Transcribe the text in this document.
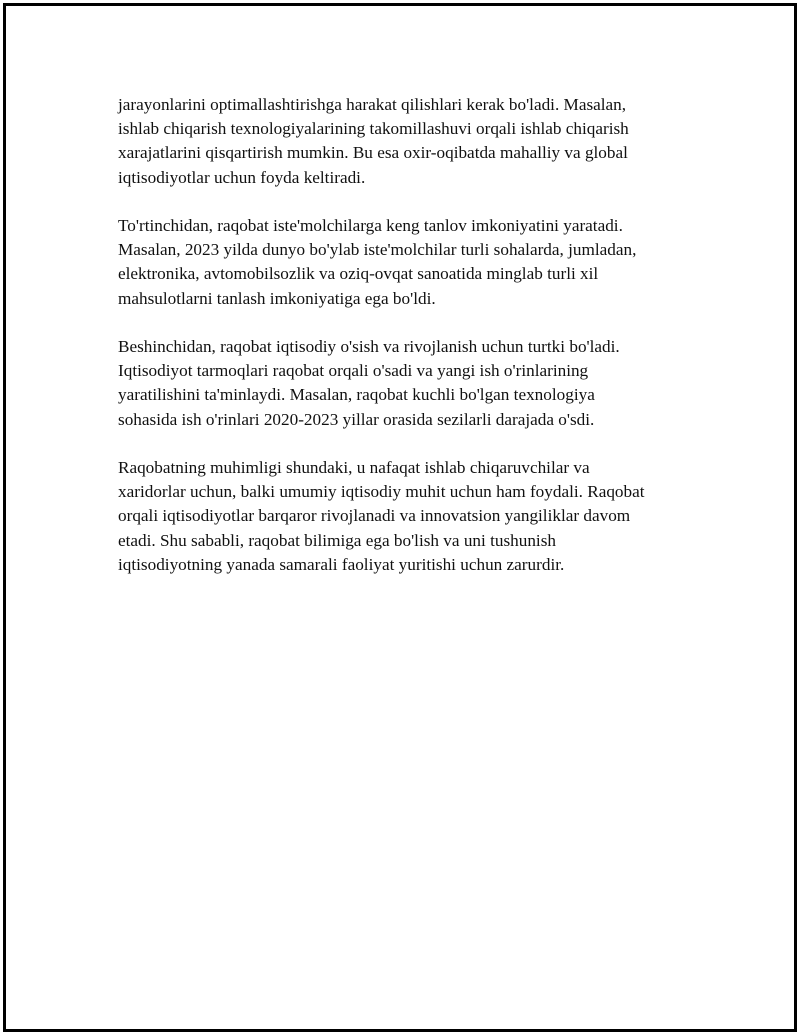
jarayonlarini optimallashtirishga harakat qilishlari kerak bo'ladi. Masalan,
ishlab chiqarish texnologiyalarining takomillashuvi orqali ishlab chiqarish
xarajatlarini qisqartirish mumkin. Bu esa oxir-oqibatda mahalliy va global
iqtisodiyotlar uchun foyda keltiradi.

To'rtinchidan, raqobat iste'molchilarga keng tanlov imkoniyatini yaratadi.
Masalan, 2023 yilda dunyo bo'ylab iste'molchilar turli sohalarda, jumladan,
elektronika, avtomobilsozlik va oziq-ovqat sanoatida minglab turli xil
mahsulotlarni tanlash imkoniyatiga ega bo'ldi.

Beshinchidan, raqobat iqtisodiy o'sish va rivojlanish uchun turtki bo'ladi.
Iqtisodiyot tarmoqlari raqobat orqali o'sadi va yangi ish o'rinlarining
yaratilishini ta'minlaydi. Masalan, raqobat kuchli bo'lgan texnologiya
sohasida ish o'rinlari 2020-2023 yillar orasida sezilarli darajada o'sdi.

Raqobatning muhimligi shundaki, u nafaqat ishlab chiqaruvchilar va
xaridorlar uchun, balki umumiy iqtisodiy muhit uchun ham foydali. Raqobat
orqali iqtisodiyotlar barqaror rivojlanadi va innovatsion yangiliklar davom
etadi. Shu sababli, raqobat bilimiga ega bo'lish va uni tushunish
iqtisodiyotning yanada samarali faoliyat yuritishi uchun zarurdir.
